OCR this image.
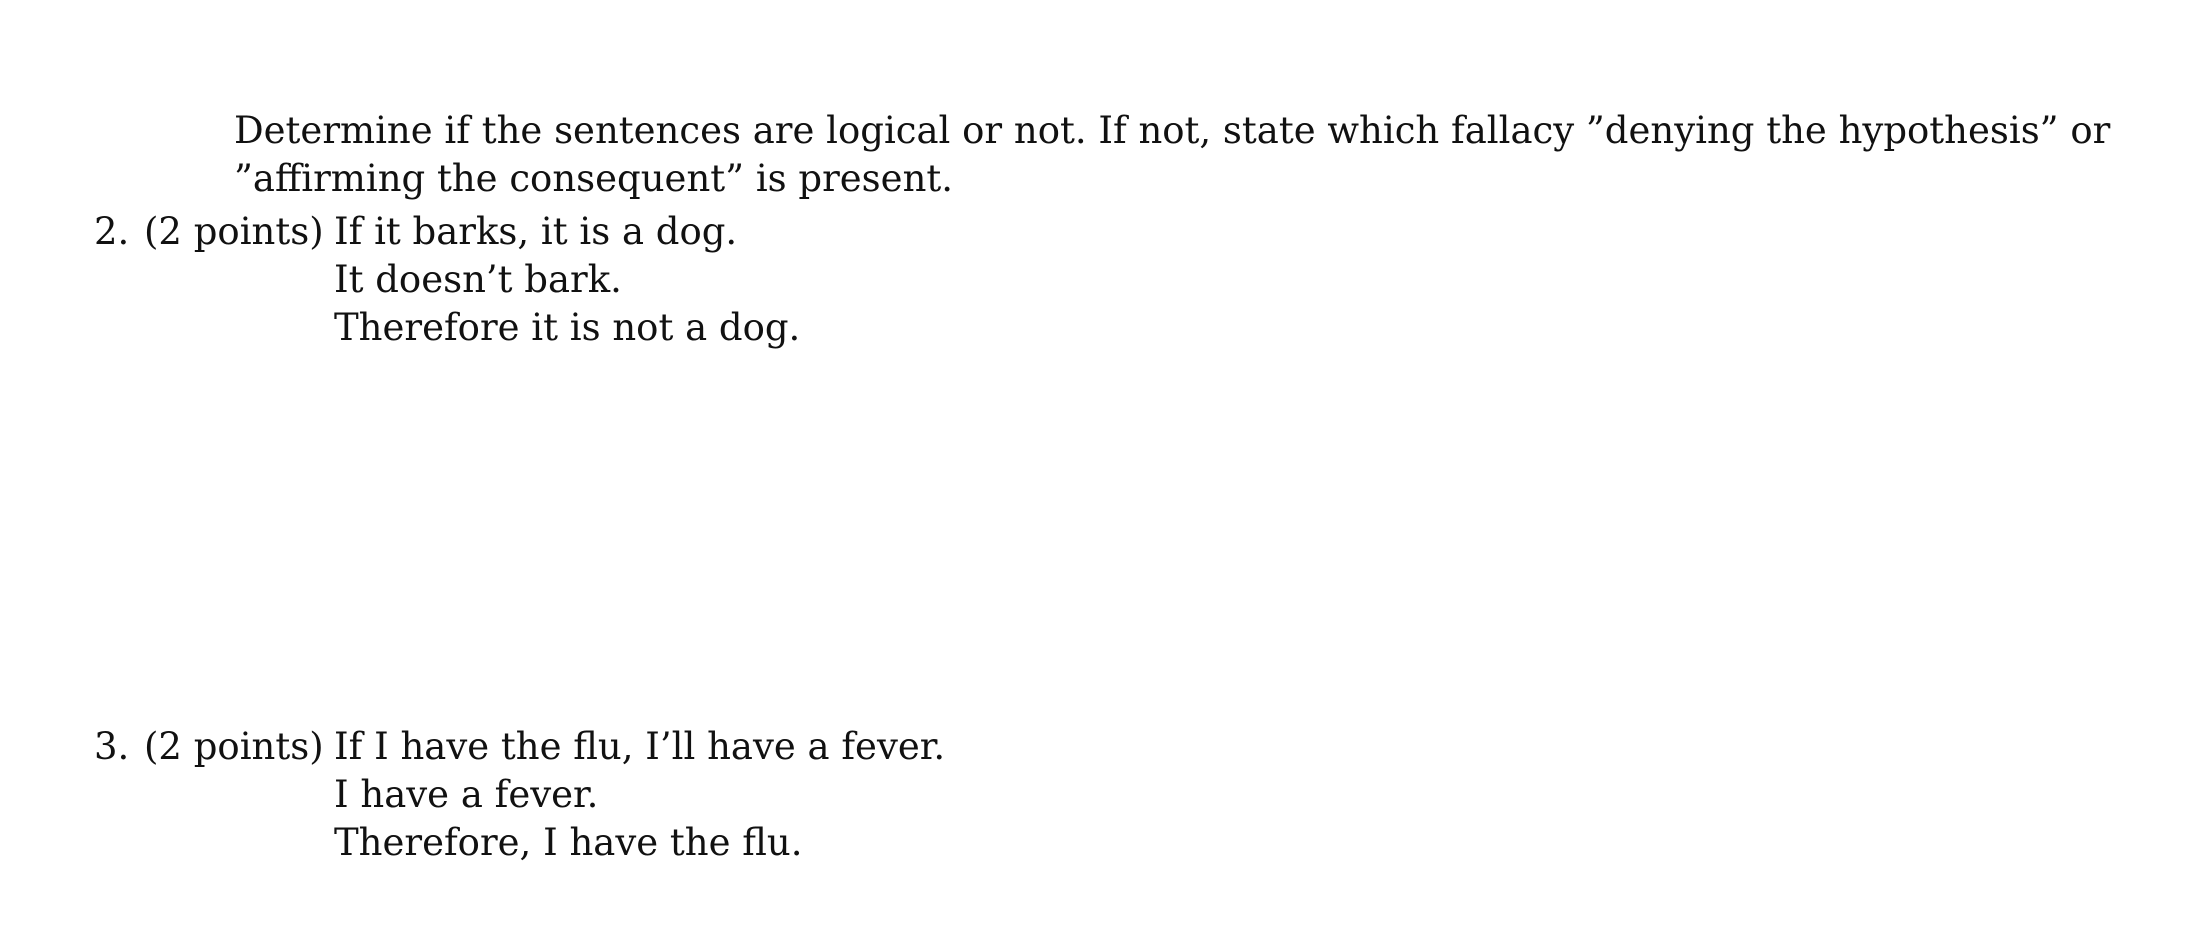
Determine if the sentences are logical or not. If not, state which fallacy ”denying the hypothesis” or ”affirming the consequent” is present.

2. (2 points) If it barks, it is a dog.
It doesn’t bark.
Therefore it is not a dog.
3. (2 points) If I have the flu, I’ll have a fever.
I have a fever.
Therefore, I have the flu.
